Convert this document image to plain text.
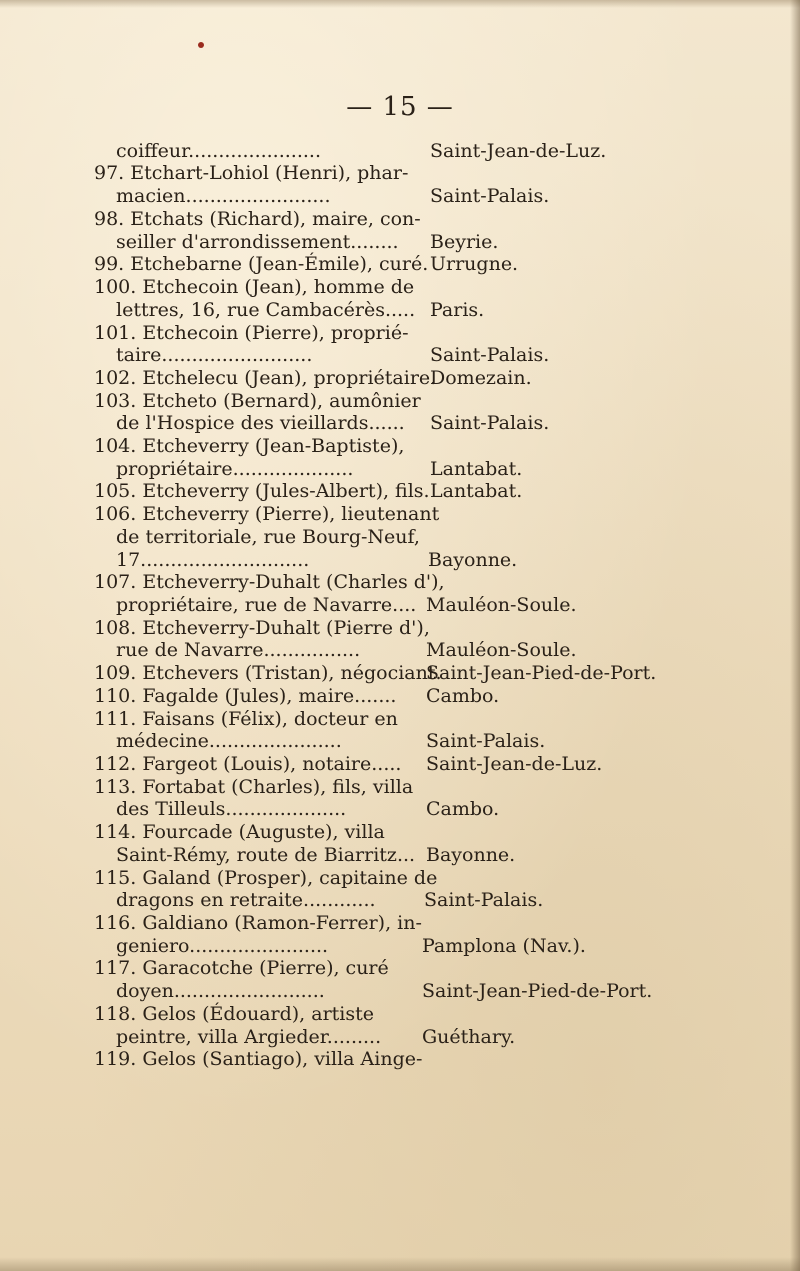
— 15 —
coiffeur......................
97. Etchart-Lohiol (Henri), phar-
macien........................
98. Etchats (Richard), maire, con-
seiller d'arrondissement........
99. Etchebarne (Jean-Émile), curé.
100. Etchecoin (Jean), homme de
lettres, 16, rue Cambacérès.....
101. Etchecoin (Pierre), proprié-
taire.........................
102. Etchelecu (Jean), propriétaire.
103. Etcheto (Bernard), aumônier
de l'Hospice des vieillards......
104. Etcheverry (Jean-Baptiste),
propriétaire....................
105. Etcheverry (Jules-Albert), fils.
106. Etcheverry (Pierre), lieutenant
de territoriale, rue Bourg-Neuf,
17............................
107. Etcheverry-Duhalt (Charles d'),
propriétaire, rue de Navarre....
108. Etcheverry-Duhalt (Pierre d'),
rue de Navarre................
109. Etchevers (Tristan), négociant.
110. Fagalde (Jules), maire.......
111. Faisans (Félix), docteur en
médecine......................
112. Fargeot (Louis), notaire.....
113. Fortabat (Charles), fils, villa
des Tilleuls....................
114. Fourcade (Auguste), villa
Saint-Rémy, route de Biarritz...
115. Galand (Prosper), capitaine de
dragons en retraite............
116. Galdiano (Ramon-Ferrer), in-
geniero.......................
117. Garacotche (Pierre), curé
doyen.........................
118. Gelos (Édouard), artiste
peintre, villa Argieder.........
119. Gelos (Santiago), villa Ainge-
Saint-Jean-de-Luz.
Saint-Palais.
Beyrie.
Urrugne.
Paris.
Saint-Palais.
Domezain.
Saint-Palais.
Lantabat.
Lantabat.
Bayonne.
Mauléon-Soule.
Mauléon-Soule.
Saint-Jean-Pied-de-Port.
Cambo.
Saint-Palais.
Saint-Jean-de-Luz.
Cambo.
Bayonne.
Saint-Palais.
Pamplona (Nav.).
Saint-Jean-Pied-de-Port.
Guéthary.
